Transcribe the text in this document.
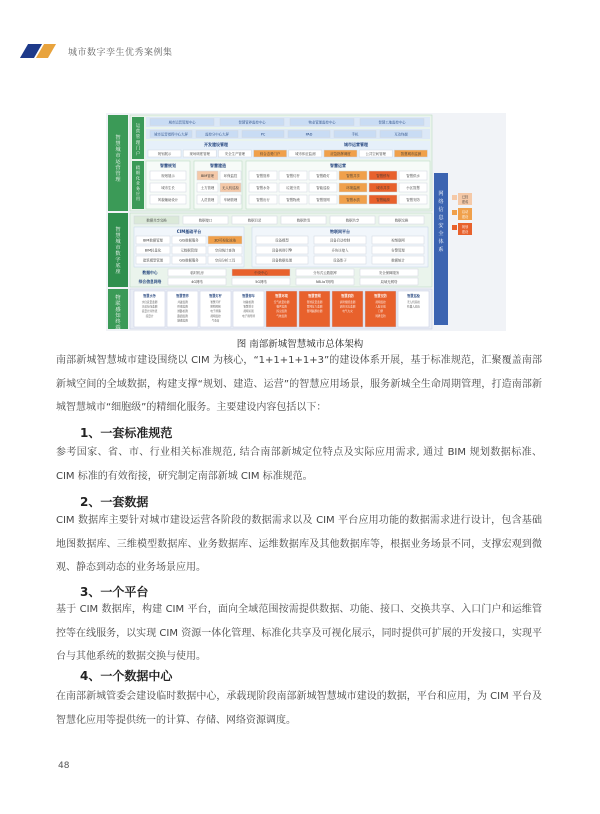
城市数字孪生优秀案例集
智
慧
城
市
运
营
管
理
智
慧
城
市
数
字
底
座
物
联
感
知
终
端
运
营
管
理
门
户
城市运营管理中心	智慧管养监控中心	物业管理监控中心	智慧工地监控中心
城市运营指挥中心大屏	监控分中心大屏	PC	PAD	手机	互动终端
开发建设管理	城市运营管理
规划展示	现场调度管理	安全生产管理	综合态势门户	城市体征监测	应急指挥调度	公共空间管理	智慧城市监测
精
细
化
业
务
应
用
智慧规划	智慧建造	智慧运营
规划展示
城市生长
风貌辅助设计
BIM管理	环保监控
土方管理 无人机巡检
人员管理	车辆管理
智慧管养	智慧灯杆	智慧路灯	智慧共享	智慧停车	智慧供水
智慧水务	垃圾分类	智能巡检	环境监测	城市共享	小区智慧
智慧出行	智慧物流	智慧管网	智慧水质	智慧能源	智慧安防
数据共享交换	数据接口	数据目录	数据转发	数据共享	数据交换
CIM基础平台
BIM数据管理
BIM轻量化
建筑模型管理
GIS数据服务
元数据管理
GIS数据服务
3D可视化渲染
空间统计查询
空间分析工具
物联网平台
设备模型
设备规则引擎
设备数据处理
设备启动控制
多协议接入
设备影子
视频联网
告警管理
数据统计
数据中心	临时机房	中央中心	分布式云数据库	安全保障服务
综合信息网络	4G网络	5G网络	NB-IoT网络	局域光网络
智慧水务
水位流量监测
水质在线监测
流量计远传表
流量计
智慧管养
井盖监测
桥梁监测
道路检测
路面监测
隧道监测
智慧灯杆
智慧灯杆
照明控制
电子屏幕
视频监控
气象站
智慧停车
地磁检测
智慧停车
视频识别
电子诱导屏
智慧环境
空气质量检测
噪声监测
扬尘监测
气象监测
智慧管网
管道流量监测
管网压力监测
管网漏损检测
智慧消防
消防烟感监测
消防水压监测
电气火灾
智慧安防
视频监控
人脸识别
门禁
周界安防
智慧巡检
无人机巡检
机器人巡检
网
络
信
息
安
全
体
系
已经
建成
启动
建设
规划
建设
图 南部新城智慧城市总体架构
南部新城智慧城市建设围绕以 CIM 为核心，“1+1+1+1+3”的建设体系开展，基于标准规范，汇聚覆盖南部新城空间的全域数据，构建支撑“规划、建造、运营”的智慧应用场景，服务新城全生命周期管理，打造南部新城智慧城市“细胞级”的精细化服务。主要建设内容包括以下：
1、一套标准规范
参考国家、省、市、行业相关标准规范, 结合南部新城定位特点及实际应用需求, 通过 BIM 规划数据标准、CIM 标准的有效衔接，研究制定南部新城 CIM 标准规范。
2、一套数据
CIM 数据库主要针对城市建设运营各阶段的数据需求以及 CIM 平台应用功能的数据需求进行设计，包含基础地图数据库、三维模型数据库、业务数据库、运维数据库及其他数据库等，根据业务场景不同，支撑宏观到微观、静态到动态的业务场景应用。
3、一个平台
基于 CIM 数据库，构建 CIM 平台，面向全域范围按需提供数据、功能、接口、交换共享、入口门户和运维管控等在线服务，以实现 CIM 资源一体化管理、标准化共享及可视化展示，同时提供可扩展的开发接口，实现平台与其他系统的数据交换与使用。
4、一个数据中心
在南部新城管委会建设临时数据中心，承载现阶段南部新城智慧城市建设的数据，平台和应用，为 CIM 平台及智慧化应用等提供统一的计算、存储、网络资源调度。
48
